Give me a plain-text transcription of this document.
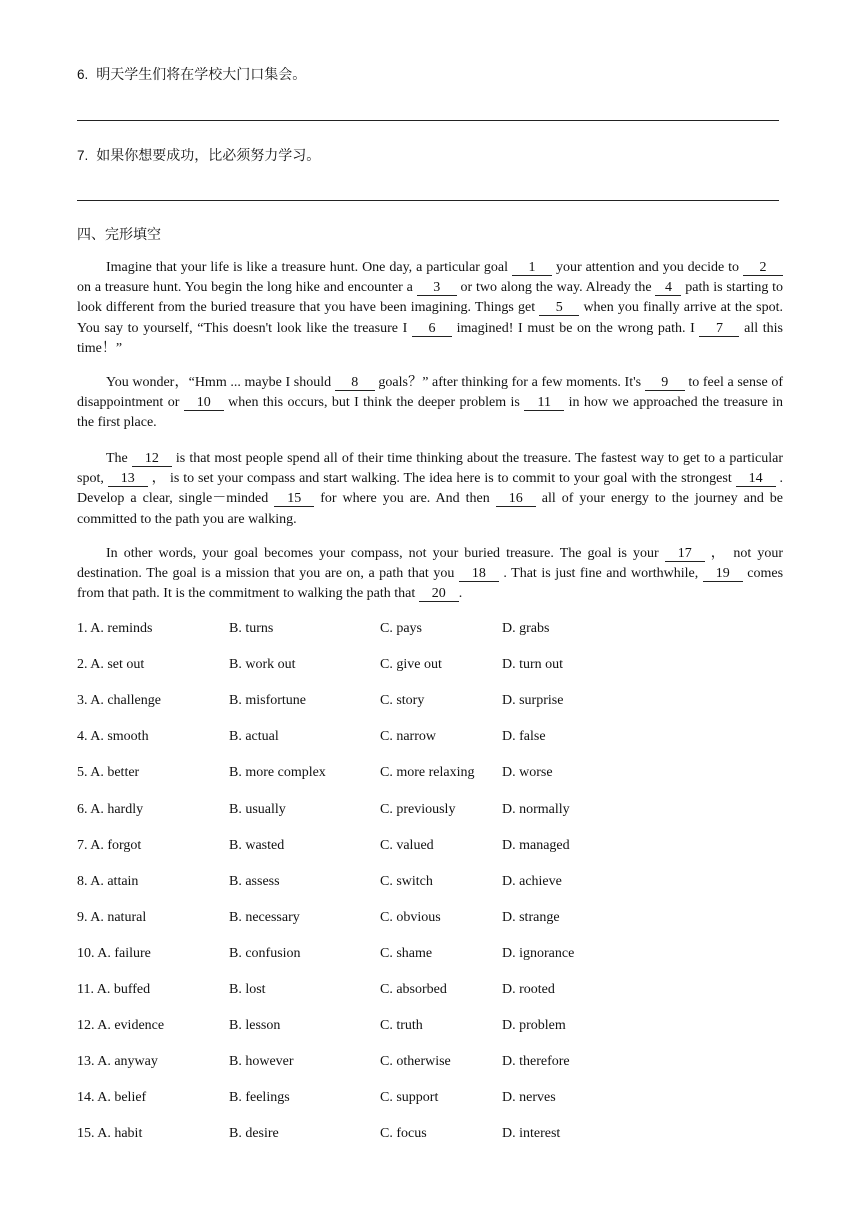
6. 明天学生们将在学校大门口集会。
7. 如果你想要成功，比必须努力学习。
四、完形填空
Imagine that your life is like a treasure hunt. One day, a particular goal 1 your attention and you decide to 2 on a treasure hunt. You begin the long hike and encounter a 3 or two along the way. Already the 4 path is starting to look different from the buried treasure that you have been imagining. Things get 5 when you finally arrive at the spot. You say to yourself, “This doesn't look like the treasure I 6 imagined! I must be on the wrong path. I 7 all this time！”
You wonder，“Hmm ... maybe I should 8 goals？” after thinking for a few moments. It's 9 to feel a sense of disappointment or 10 when this occurs, but I think the deeper problem is 11 in how we approached the treasure in the first place.
The 12 is that most people spend all of their time thinking about the treasure. The fastest way to get to a particular spot, 13 ， is to set your compass and start walking. The idea here is to commit to your goal with the strongest 14 . Develop a clear, single－minded 15 for where you are. And then 16 all of your energy to the journey and be committed to the path you are walking.
In other words, your goal becomes your compass, not your buried treasure. The goal is your 17 ， not your destination. The goal is a mission that you are on, a path that you 18 . That is just fine and worthwhile, 19 comes from that path. It is the commitment to walking the path that 20 .
1. A. reminds	B. turns	C. pays	D. grabs
2. A. set out	B. work out	C. give out	D. turn out
3. A. challenge	B. misfortune	C. story	D. surprise
4. A. smooth	B. actual	C. narrow	D. false
5. A. better	B. more complex	C. more relaxing D. worse
6. A. hardly	B. usually	C. previously	D. normally
7. A. forgot	B. wasted	C. valued	D. managed
8. A. attain	B. assess	C. switch	D. achieve
9. A. natural	B. necessary	C. obvious	D. strange
10. A. failure	B. confusion	C. shame	D. ignorance
11. A. buffed	B. lost	C. absorbed	D. rooted
12. A. evidence	B. lesson	C. truth	D. problem
13. A. anyway	B. however	C. otherwise	D. therefore
14. A. belief	B. feelings	C. support	D. nerves
15. A. habit	B. desire	C. focus	D. interest
